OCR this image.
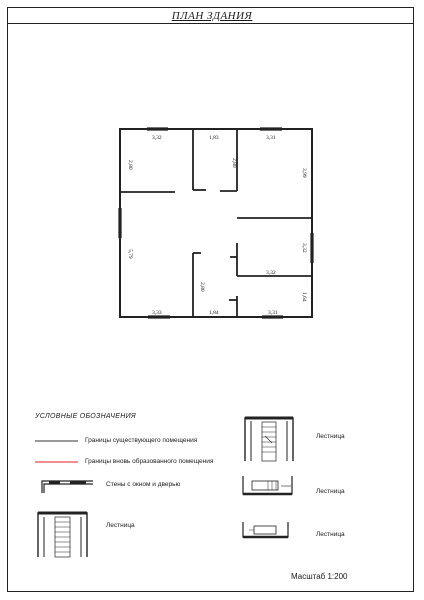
ПЛАН ЗДАНИЯ
3,32	1,83	3,31
2,80	2,80
3,99
5,79
3,32
3,32
1,64
2,80
3,33	1,84	3,31
УСЛОВНЫЕ ОБОЗНАЧЕНИЯ
Границы существующего помещения
Границы вновь образованного помещения
Стены с окном и дверью
Лестница
Лестница
Лестница
Лестница
Масштаб 1:200
